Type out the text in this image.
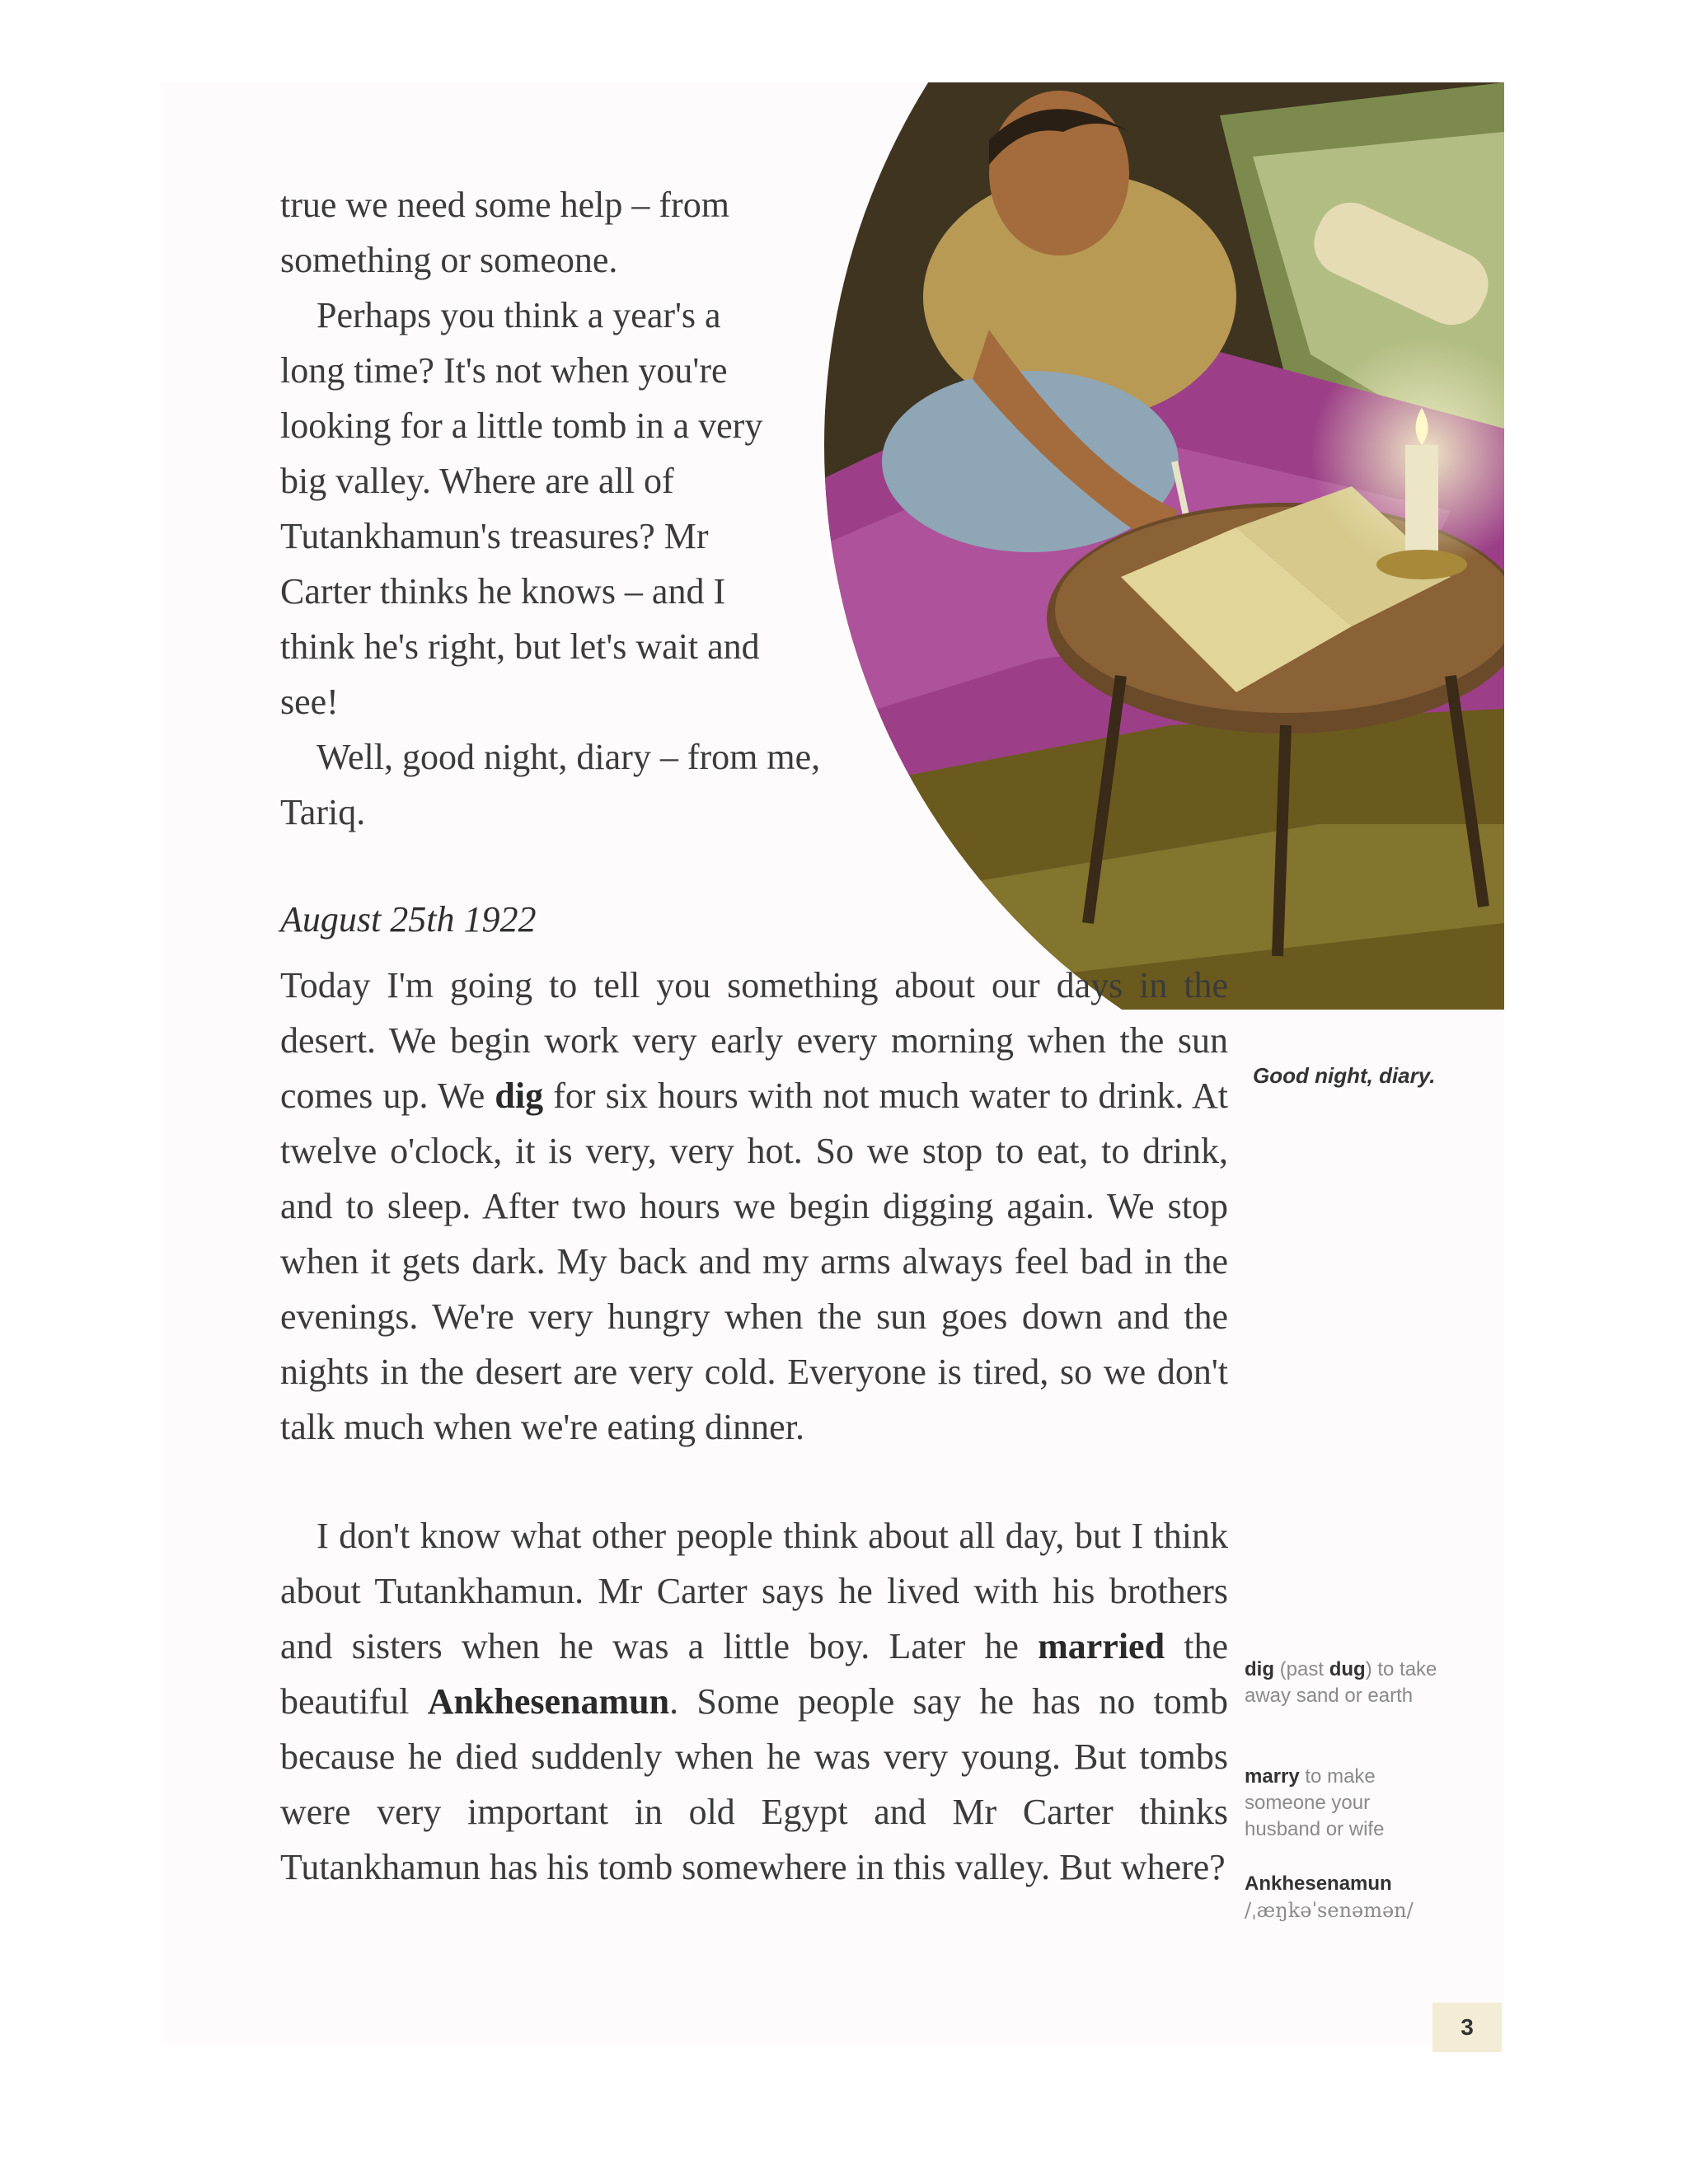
true we need some help – from something or someone.

Perhaps you think a year's a long time? It's not when you're looking for a little tomb in a very big valley. Where are all of Tutankhamun's treasures? Mr Carter thinks he knows – and I think he's right, but let's wait and see!

Well, good night, diary – from me, Tariq.

August 25th 1922

Today I'm going to tell you something about our days in the desert. We begin work very early every morning when the sun comes up. We dig for six hours with not much water to drink. At twelve o'clock, it is very, very hot. So we stop to eat, to drink, and to sleep. After two hours we begin digging again. We stop when it gets dark. My back and my arms always feel bad in the evenings. We're very hungry when the sun goes down and the nights in the desert are very cold. Everyone is tired, so we don't talk much when we're eating dinner.

I don't know what other people think about all day, but I think about Tutankhamun. Mr Carter says he lived with his brothers and sisters when he was a little boy. Later he married the beautiful Ankhesenamun. Some people say he has no tomb because he died suddenly when he was very young. But tombs were very important in old Egypt and Mr Carter thinks Tutankhamun has his tomb somewhere in this valley. But where?

Good night, diary.
dig (past dug) to take away sand or earth
marry to make someone your husband or wife
Ankhesenamun
/ˌæŋkəˈsenəmən/
3
